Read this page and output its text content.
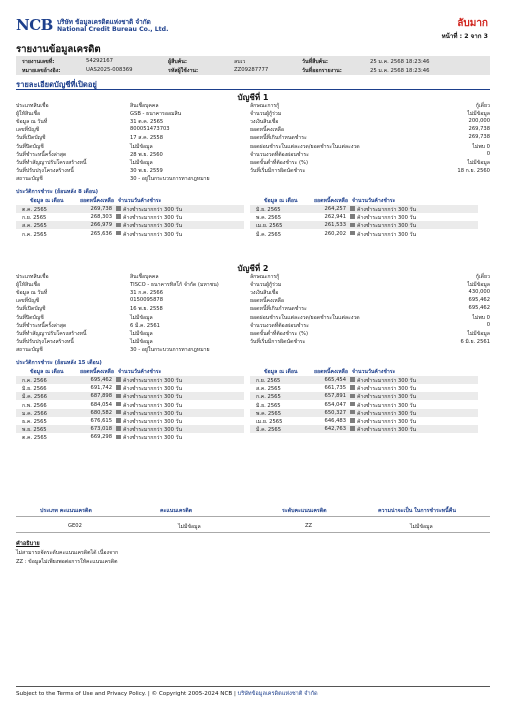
NCB บริษัท ข้อมูลเครดิตแห่งชาติ จำกัด
National Credit Bureau Co., Ltd.
ลับมาก
หน้าที่ : 2 จาก 3
รายงานข้อมูลเครดิต
รายงานเลขที่:	54292167
หมายเลขอ้างอิง:	UAS2025-008369
ผู้สืบค้น:	ลบเว
รหัสผู้ใช้งาน:	ZZ09287777
วันที่สืบค้น:	25 ม.ค. 2568 18:23:46
วันที่ออกรายงาน:	25 ม.ค. 2568 18:23:46
รายละเอียดบัญชีที่เปิดอยู่
บัญชีที่ 1
ประเภทสินเชื่อ	สินเชื่อบุคคล
ผู้ให้สินเชื่อ	GSB - ธนาคารออมสิน
ข้อมูล ณ วันที่	31 ต.ค. 2565
เลขที่บัญชี	800051473703
วันที่เปิดบัญชี	17 ส.ค. 2558
วันที่ปิดบัญชี	ไม่มีข้อมูล
วันที่ชำระหนี้ครั้งล่าสุด	28 พ.ย. 2560
วันที่ทำสัญญาปรับโครงสร้างหนี้	ไม่มีข้อมูล
วันที่ปรับปรุงโครงสร้างหนี้	30 พ.ย. 2559
สถานะบัญชี	30 - อยู่ในกระบวนการทางกฎหมาย
ลักษณะการกู้	กู้เดี่ยว
จำนวนผู้กู้ร่วม	ไม่มีข้อมูล
วงเงินสินเชื่อ	200,000
ยอดหนี้คงเหลือ	269,738
ยอดหนี้ที่เกินกำหนดชำระ	269,738
ยอดผ่อนชำระในแต่ละงวด/ยอดชำระในแต่ละงวด	ไม่พบ 0
จำนวนงวดที่ต้องผ่อนชำระ	0
ยอดขั้นต่ำที่ต้องชำระ (%)	ไม่มีข้อมูล
วันที่เริ่มมีการผิดนัดชำระ	18 ก.ย. 2560
ประวัติการชำระ (ย้อนหลัง 8 เดือน)
ข้อมูล ณ เดือน	ยอดหนี้คงเหลือ จำนวนวันค้างชำระ	ข้อมูล ณ เดือน	ยอดหนี้คงเหลือ จำนวนวันค้างชำระ
ต.ค. 2565	269,738 ค้างชำระมากกว่า 300 วัน
ก.ย. 2565	268,303 ค้างชำระมากกว่า 300 วัน
ส.ค. 2565	266,979 ค้างชำระมากกว่า 300 วัน
ก.ค. 2565	265,636 ค้างชำระมากกว่า 300 วัน
มิ.ย. 2565	264,257 ค้างชำระมากกว่า 300 วัน
พ.ค. 2565	262,941 ค้างชำระมากกว่า 300 วัน
เม.ย. 2565	261,533 ค้างชำระมากกว่า 300 วัน
มี.ค. 2565	260,202 ค้างชำระมากกว่า 300 วัน
บัญชีที่ 2
ประเภทสินเชื่อ	สินเชื่อบุคคล
ผู้ให้สินเชื่อ	TISCO - ธนาคารทิสโก้ จำกัด (มหาชน)
ข้อมูล ณ วันที่	31 ก.ค. 2566
เลขที่บัญชี	0150095878
วันที่เปิดบัญชี	16 พ.ย. 2558
วันที่ปิดบัญชี	ไม่มีข้อมูล
วันที่ชำระหนี้ครั้งล่าสุด	6 มี.ค. 2561
วันที่ทำสัญญาปรับโครงสร้างหนี้	ไม่มีข้อมูล
วันที่ปรับปรุงโครงสร้างหนี้	ไม่มีข้อมูล
สถานะบัญชี	30 - อยู่ในกระบวนการทางกฎหมาย
ลักษณะการกู้	กู้เดี่ยว
จำนวนผู้กู้ร่วม	ไม่มีข้อมูล
วงเงินสินเชื่อ	430,000
ยอดหนี้คงเหลือ	695,462
ยอดหนี้ที่เกินกำหนดชำระ	695,462
ยอดผ่อนชำระในแต่ละงวด/ยอดชำระในแต่ละงวด	ไม่พบ 0
จำนวนงวดที่ต้องผ่อนชำระ	0
ยอดขั้นต่ำที่ต้องชำระ (%)	ไม่มีข้อมูล
วันที่เริ่มมีการผิดนัดชำระ	6 มิ.ย. 2561
ประวัติการชำระ (ย้อนหลัง 15 เดือน)
ข้อมูล ณ เดือน	ยอดหนี้คงเหลือ จำนวนวันค้างชำระ	ข้อมูล ณ เดือน	ยอดหนี้คงเหลือ จำนวนวันค้างชำระ
ก.ค. 2566	695,462 ค้างชำระมากกว่า 300 วัน
มิ.ย. 2566	691,742 ค้างชำระมากกว่า 300 วัน
มี.ค. 2566	687,898 ค้างชำระมากกว่า 300 วัน
ก.พ. 2566	684,054 ค้างชำระมากกว่า 300 วัน
ม.ค. 2566	680,582 ค้างชำระมากกว่า 300 วัน
ธ.ค. 2565	676,615 ค้างชำระมากกว่า 300 วัน
พ.ย. 2565	673,018 ค้างชำระมากกว่า 300 วัน
ต.ค. 2565	669,298 ค้างชำระมากกว่า 300 วัน
ก.ย. 2565	665,454 ค้างชำระมากกว่า 300 วัน
ส.ค. 2565	661,735 ค้างชำระมากกว่า 300 วัน
ก.ค. 2565	657,891 ค้างชำระมากกว่า 300 วัน
มิ.ย. 2565	654,047 ค้างชำระมากกว่า 300 วัน
พ.ค. 2565	650,327 ค้างชำระมากกว่า 300 วัน
เม.ย. 2565	646,483 ค้างชำระมากกว่า 300 วัน
มี.ค. 2565	642,763 ค้างชำระมากกว่า 300 วัน
ประเภท คะแนนเครดิต	คะแนนเครดิต	ระดับคะแนนเครดิต	ความน่าจะเป็น ในการชำระหนี้คืน
GE02	ไม่มีข้อมูล	ZZ	ไม่มีข้อมูล
คำอธิบาย
ไม่สามารถจัดระดับคะแนนเครดิตได้ เนื่องจาก
ZZ : ข้อมูลไม่เพียงพอต่อการให้คะแนนเครดิต
Subject to the Terms of Use and Privacy Policy. | © Copyright 2005-2024 NCB | บริษัทข้อมูลเครดิตแห่งชาติ จำกัด
